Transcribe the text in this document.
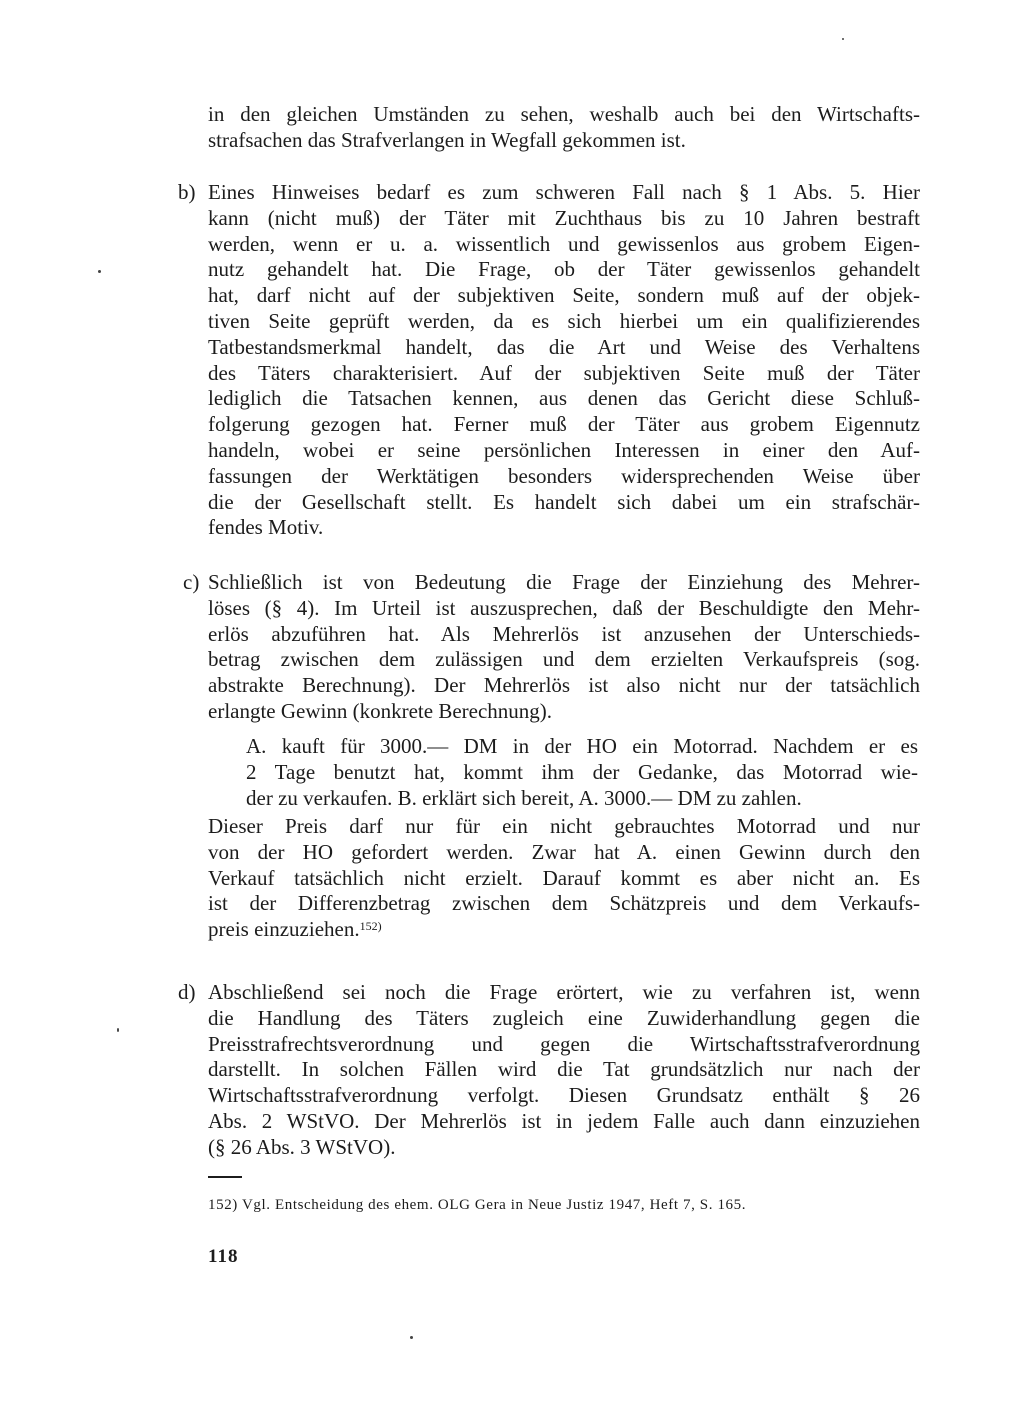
in den gleichen Umständen zu sehen, weshalb auch bei den Wirtschafts-
strafsachen das Strafverlangen in Wegfall gekommen ist.
b) Eines Hinweises bedarf es zum schweren Fall nach § 1 Abs. 5. Hier
kann (nicht muß) der Täter mit Zuchthaus bis zu 10 Jahren bestraft
werden, wenn er u. a. wissentlich und gewissenlos aus grobem Eigen-
nutz gehandelt hat. Die Frage, ob der Täter gewissenlos gehandelt
hat, darf nicht auf der subjektiven Seite, sondern muß auf der objek-
tiven Seite geprüft werden, da es sich hierbei um ein qualifizierendes
Tatbestandsmerkmal handelt, das die Art und Weise des Verhaltens
des Täters charakterisiert. Auf der subjektiven Seite muß der Täter
lediglich die Tatsachen kennen, aus denen das Gericht diese Schluß-
folgerung gezogen hat. Ferner muß der Täter aus grobem Eigennutz
handeln, wobei er seine persönlichen Interessen in einer den Auf-
fassungen der Werktätigen besonders widersprechenden Weise über
die der Gesellschaft stellt. Es handelt sich dabei um ein strafschär-
fendes Motiv.
c) Schließlich ist von Bedeutung die Frage der Einziehung des Mehrer-
löses (§ 4). Im Urteil ist auszusprechen, daß der Beschuldigte den Mehr-
erlös abzuführen hat. Als Mehrerlös ist anzusehen der Unterschieds-
betrag zwischen dem zulässigen und dem erzielten Verkaufspreis (sog.
abstrakte Berechnung). Der Mehrerlös ist also nicht nur der tatsächlich
erlangte Gewinn (konkrete Berechnung).
A. kauft für 3000.— DM in der HO ein Motorrad. Nachdem er es
2 Tage benutzt hat, kommt ihm der Gedanke, das Motorrad wie-
der zu verkaufen. B. erklärt sich bereit, A. 3000.— DM zu zahlen.
Dieser Preis darf nur für ein nicht gebrauchtes Motorrad und nur
von der HO gefordert werden. Zwar hat A. einen Gewinn durch den
Verkauf tatsächlich nicht erzielt. Darauf kommt es aber nicht an. Es
ist der Differenzbetrag zwischen dem Schätzpreis und dem Verkaufs-
preis einzuziehen.$^{152)}$
d) Abschließend sei noch die Frage erörtert, wie zu verfahren ist, wenn
die Handlung des Täters zugleich eine Zuwiderhandlung gegen die
Preisstrafrechtsverordnung und gegen die Wirtschaftsstrafverordnung
darstellt. In solchen Fällen wird die Tat grundsätzlich nur nach der
Wirtschaftsstrafverordnung verfolgt. Diesen Grundsatz enthält § 26
Abs. 2 WStVO. Der Mehrerlös ist in jedem Falle auch dann einzuziehen
(§ 26 Abs. 3 WStVO).
152) Vgl. Entscheidung des ehem. OLG Gera in Neue Justiz 1947, Heft 7, S. 165.
118
